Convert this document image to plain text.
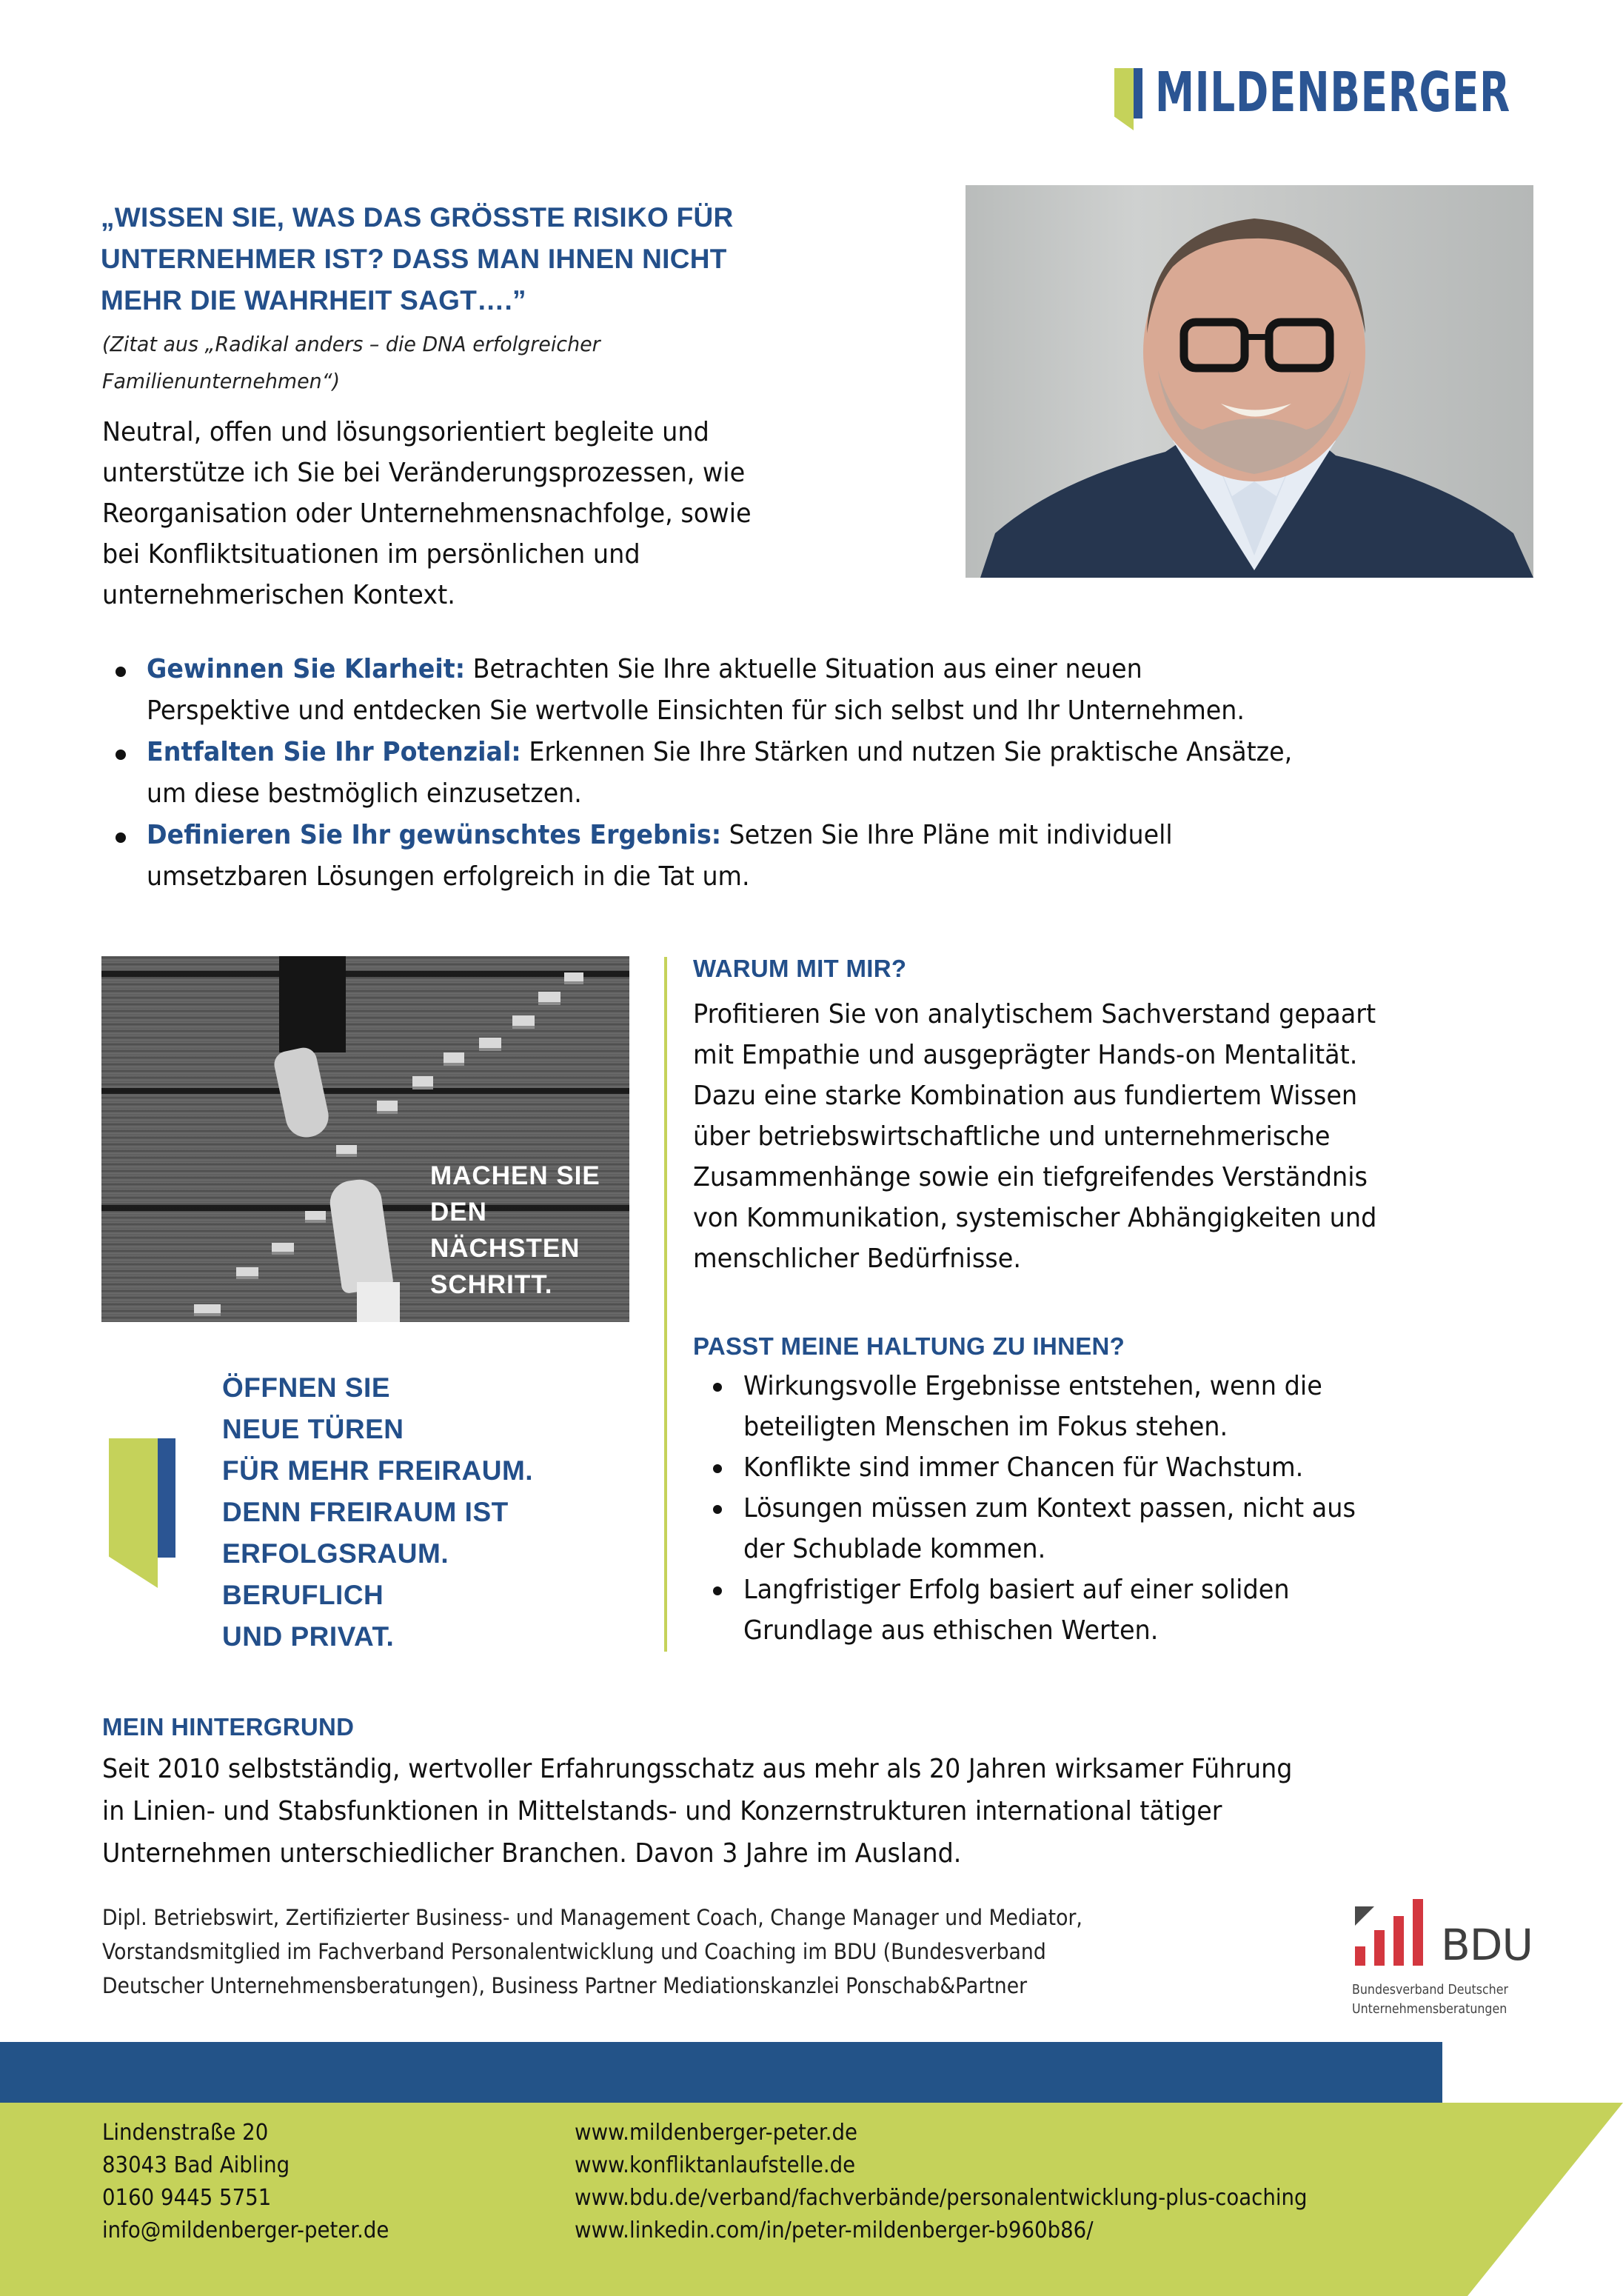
MILDENBERGER
„WISSEN SIE, WAS DAS GRÖSSTE RISIKO FÜR
UNTERNEHMER IST? DASS MAN IHNEN NICHT
MEHR DIE WAHRHEIT SAGT….”
(Zitat aus „Radikal anders – die DNA erfolgreicher
Familienunternehmen“)
Neutral, offen und lösungsorientiert begleite und
unterstütze ich Sie bei Veränderungsprozessen, wie
Reorganisation oder Unternehmensnachfolge, sowie
bei Konfliktsituationen im persönlichen und
unternehmerischen Kontext.
Gewinnen Sie Klarheit: Betrachten Sie Ihre aktuelle Situation aus einer neuen
Perspektive und entdecken Sie wertvolle Einsichten für sich selbst und Ihr Unternehmen.
Entfalten Sie Ihr Potenzial: Erkennen Sie Ihre Stärken und nutzen Sie praktische Ansätze,
um diese bestmöglich einzusetzen.
Definieren Sie Ihr gewünschtes Ergebnis: Setzen Sie Ihre Pläne mit individuell
umsetzbaren Lösungen erfolgreich in die Tat um.
MACHEN SIE
DEN
NÄCHSTEN
SCHRITT.
ÖFFNEN SIE
NEUE TÜREN
FÜR MEHR FREIRAUM.
DENN FREIRAUM IST
ERFOLGSRAUM.
BERUFLICH
UND PRIVAT.
WARUM MIT MIR?
Profitieren Sie von analytischem Sachverstand gepaart
mit Empathie und ausgeprägter Hands-on Mentalität.
Dazu eine starke Kombination aus fundiertem Wissen
über betriebswirtschaftliche und unternehmerische
Zusammenhänge sowie ein tiefgreifendes Verständnis
von Kommunikation, systemischer Abhängigkeiten und
menschlicher Bedürfnisse.
PASST MEINE HALTUNG ZU IHNEN?
Wirkungsvolle Ergebnisse entstehen, wenn die
beteiligten Menschen im Fokus stehen.
Konflikte sind immer Chancen für Wachstum.
Lösungen müssen zum Kontext passen, nicht aus
der Schublade kommen.
Langfristiger Erfolg basiert auf einer soliden
Grundlage aus ethischen Werten.
MEIN HINTERGRUND
Seit 2010 selbstständig, wertvoller Erfahrungsschatz aus mehr als 20 Jahren wirksamer Führung
in Linien- und Stabsfunktionen in Mittelstands- und Konzernstrukturen international tätiger
Unternehmen unterschiedlicher Branchen. Davon 3 Jahre im Ausland.
Dipl. Betriebswirt, Zertifizierter Business- und Management Coach, Change Manager und Mediator,
Vorstandsmitglied im Fachverband Personalentwicklung und Coaching im BDU (Bundesverband
Deutscher Unternehmensberatungen), Business Partner Mediationskanzlei Ponschab&Partner
BDU
Bundesverband Deutscher
Unternehmensberatungen
Lindenstraße 20
83043 Bad Aibling
0160 9445 5751
info@mildenberger-peter.de
www.mildenberger-peter.de
www.konfliktanlaufstelle.de
www.bdu.de/verband/fachverbände/personalentwicklung-plus-coaching
www.linkedin.com/in/peter-mildenberger-b960b86/
